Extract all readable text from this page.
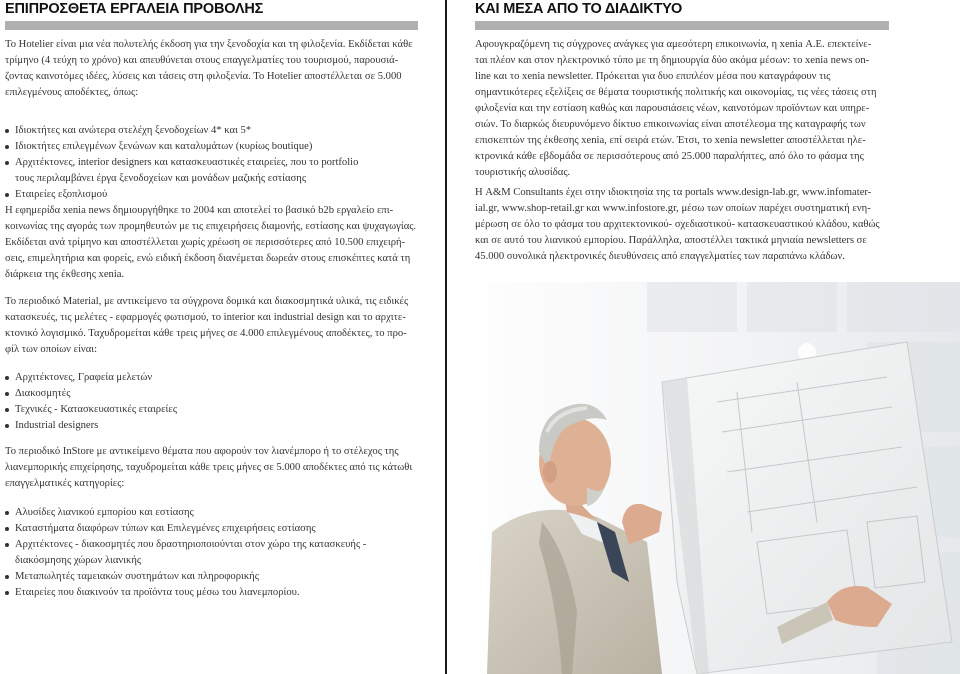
ΕΠΙΠΡΟΣΘΕΤΑ ΕΡΓΑΛΕΙΑ ΠΡΟΒΟΛΗΣ

To Hotelier είναι μια νέα πολυτελής έκδοση για την ξενοδοχία και τη φιλοξενία. Εκδίδεται κάθε
τρίμηνο (4 τεύχη το χρόνο) και απευθύνεται στους επαγγελματίες του τουρισμού, παρουσιά-
ζοντας καινοτόμες ιδέες, λύσεις και τάσεις στη φιλοξενία. Το Hotelier αποστέλλεται σε 5.000
επιλεγμένους αποδέκτες, όπως:

Ιδιοκτήτες και ανώτερα στελέχη ξενοδοχείων 4* και 5*
Ιδιοκτήτες επιλεγμένων ξενώνων και καταλυμάτων (κυρίως boutique)
Αρχιτέκτονες, interior designers και κατασκευαστικές εταιρείες, που το portfolio
τους περιλαμβάνει έργα ξενοδοχείων και μονάδων μαζικής εστίασης
Εταιρείες εξοπλισμού

Η εφημερίδα xenia news δημιουργήθηκε το 2004 και αποτελεί το βασικό b2b εργαλείο επι-
κοινωνίας της αγοράς των προμηθευτών με τις επιχειρήσεις διαμονής, εστίασης και ψυχαγωγίας.
Εκδίδεται ανά τρίμηνο και αποστέλλεται χωρίς χρέωση σε περισσότερες από 10.500 επιχειρή-
σεις, επιμελητήρια και φορείς, ενώ ειδική έκδοση διανέμεται δωρεάν στους επισκέπτες κατά τη
διάρκεια της έκθεσης xenia.

Το περιοδικό Material, με αντικείμενο τα σύγχρονα δομικά και διακοσμητικά υλικά, τις ειδικές
κατασκευές, τις μελέτες - εφαρμογές φωτισμού, το interior και industrial design και το αρχιτε-
κτονικό λογισμικό. Ταχυδρομείται κάθε τρεις μήνες σε 4.000 επιλεγμένους αποδέκτες, το προ-
φίλ των οποίων είναι:

Αρχιτέκτονες, Γραφεία μελετών
Διακοσμητές
Τεχνικές - Κατασκευαστικές εταιρείες
Industrial designers

Το περιοδικό InStore με αντικείμενο θέματα που αφορούν τον λιανέμπορο ή το στέλεχος της
λιανεμπορικής επιχείρησης, ταχυδρομείται κάθε τρεις μήνες σε 5.000 αποδέκτες από τις κάτωθι
επαγγελματικές κατηγορίες:

Αλυσίδες λιανικού εμπορίου και εστίασης
Καταστήματα διαφόρων τύπων και Επιλεγμένες επιχειρήσεις εστίασης
Αρχιτέκτονες - διακοσμητές που δραστηριοποιούνται στον χώρο της κατασκευής -
διακόσμησης χώρων λιανικής
Μεταπωλητές ταμειακών συστημάτων και πληροφορικής
Εταιρείες που διακινούν τα προϊόντα τους μέσω του λιανεμπορίου.
ΚΑΙ ΜΕΣΑ ΑΠΟ ΤΟ ΔΙΑΔΙΚΤΥΟ

Αφουγκραζόμενη τις σύγχρονες ανάγκες για αμεσότερη επικοινωνία, η xenia Α.Ε. επεκτείνε-
ται πλέον και στον ηλεκτρονικό τύπο με τη δημιουργία δύο ακόμα μέσων: το xenia news on-
line και το xenia newsletter. Πρόκειται για δυο επιπλέον μέσα που καταγράφουν τις
σημαντικότερες εξελίξεις σε θέματα τουριστικής πολιτικής και οικονομίας, τις νέες τάσεις στη
φιλοξενία και την εστίαση καθώς και παρουσιάσεις νέων, καινοτόμων προϊόντων και υπηρε-
σιών. Το διαρκώς διευρυνόμενο δίκτυο επικοινωνίας είναι αποτέλεσμα της καταγραφής των
επισκεπτών της έκθεσης xenia, επί σειρά ετών. Έτσι, το xenia newsletter αποστέλλεται ηλε-
κτρονικά κάθε εβδομάδα σε περισσότερους από 25.000 παραλήπτες, από όλο το φάσμα της
τουριστικής αλυσίδας.

Η A&M Consultants έχει στην ιδιοκτησία της τα portals www.design-lab.gr, www.infomater-
ial.gr, www.shop-retail.gr και www.infostore.gr, μέσω των οποίων παρέχει συστηματική ενη-
μέρωση σε όλο το φάσμα του αρχιτεκτονικού- σχεδιαστικού- κατασκευαστικού κλάδου, καθώς
και σε αυτό του λιανικού εμπορίου. Παράλληλα, αποστέλλει τακτικά μηνιαία newsletters σε
45.000 συνολικά ηλεκτρονικές διευθύνσεις από επαγγελματίες των παραπάνω κλάδων.
